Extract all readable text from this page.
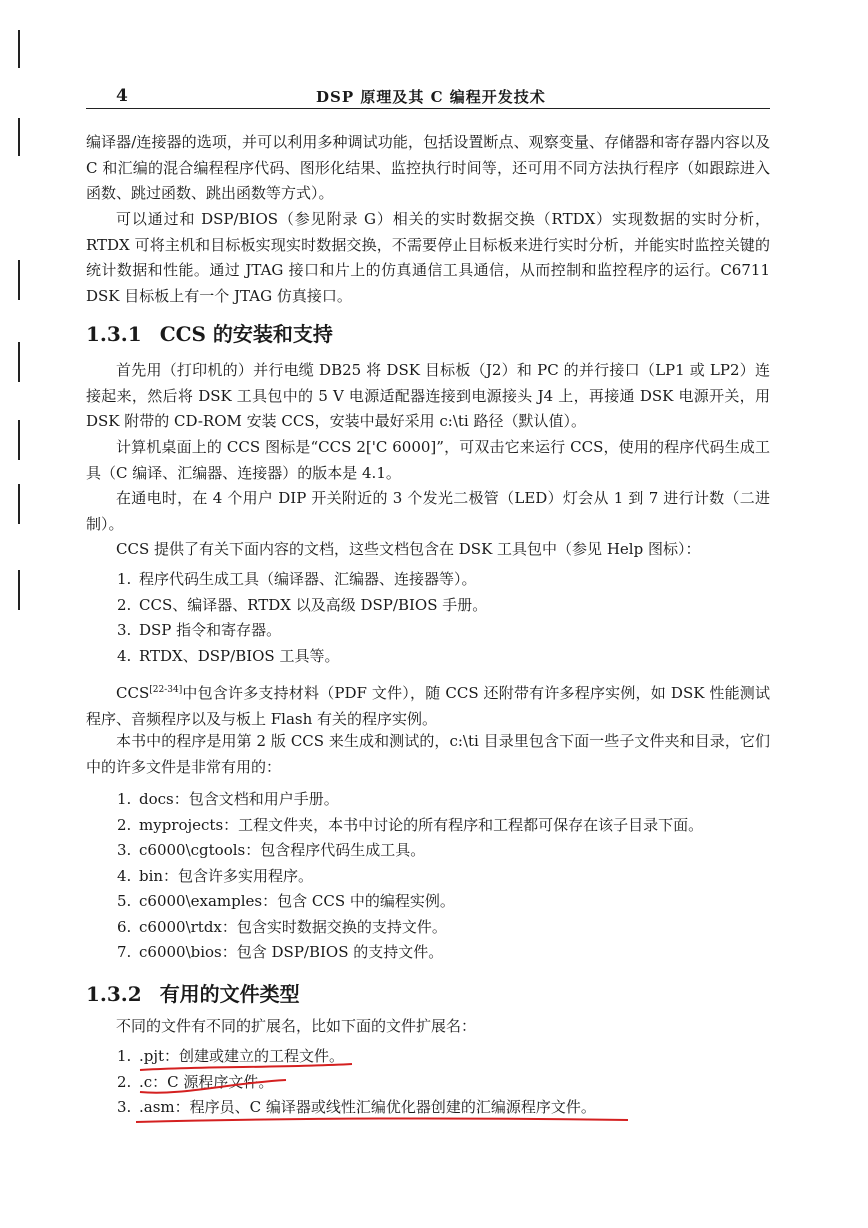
4	DSP 原理及其 C 编程开发技术

编译器/连接器的选项，并可以利用多种调试功能，包括设置断点、观察变量、存储器和寄存器内容以及 C 和汇编的混合编程程序代码、图形化结果、监控执行时间等，还可用不同方法执行程序（如跟踪进入函数、跳过函数、跳出函数等方式）。

可以通过和 DSP/BIOS（参见附录 G）相关的实时数据交换（RTDX）实现数据的实时分析，RTDX 可将主机和目标板实现实时数据交换，不需要停止目标板来进行实时分析，并能实时监控关键的统计数据和性能。通过 JTAG 接口和片上的仿真通信工具通信，从而控制和监控程序的运行。C6711 DSK 目标板上有一个 JTAG 仿真接口。

1.3.1 CCS 的安装和支持

首先用（打印机的）并行电缆 DB25 将 DSK 目标板（J2）和 PC 的并行接口（LP1 或 LP2）连接起来，然后将 DSK 工具包中的 5 V 电源适配器连接到电源接头 J4 上，再接通 DSK 电源开关，用 DSK 附带的 CD-ROM 安装 CCS，安装中最好采用 c:\ti 路径（默认值）。

计算机桌面上的 CCS 图标是“CCS 2['C 6000]”，可双击它来运行 CCS，使用的程序代码生成工具（C 编译、汇编器、连接器）的版本是 4.1。

在通电时，在 4 个用户 DIP 开关附近的 3 个发光二极管（LED）灯会从 1 到 7 进行计数（二进制）。

CCS 提供了有关下面内容的文档，这些文档包含在 DSK 工具包中（参见 Help 图标）：

1. 程序代码生成工具（编译器、汇编器、连接器等）。
2. CCS、编译器、RTDX 以及高级 DSP/BIOS 手册。
3. DSP 指令和寄存器。
4. RTDX、DSP/BIOS 工具等。

CCS[22-34]中包含许多支持材料（PDF 文件），随 CCS 还附带有许多程序实例，如 DSK 性能测试程序、音频程序以及与板上 Flash 有关的程序实例。

本书中的程序是用第 2 版 CCS 来生成和测试的，c:\ti 目录里包含下面一些子文件夹和目录，它们中的许多文件是非常有用的：

1. docs：包含文档和用户手册。
2. myprojects：工程文件夹，本书中讨论的所有程序和工程都可保存在该子目录下面。
3. c6000\cgtools：包含程序代码生成工具。
4. bin：包含许多实用程序。
5. c6000\examples：包含 CCS 中的编程实例。
6. c6000\rtdx：包含实时数据交换的支持文件。
7. c6000\bios：包含 DSP/BIOS 的支持文件。
1.3.2 有用的文件类型

不同的文件有不同的扩展名，比如下面的文件扩展名：

1. .pjt：创建或建立的工程文件。
2. .c：C 源程序文件。
3. .asm：程序员、C 编译器或线性汇编优化器创建的汇编源程序文件。
